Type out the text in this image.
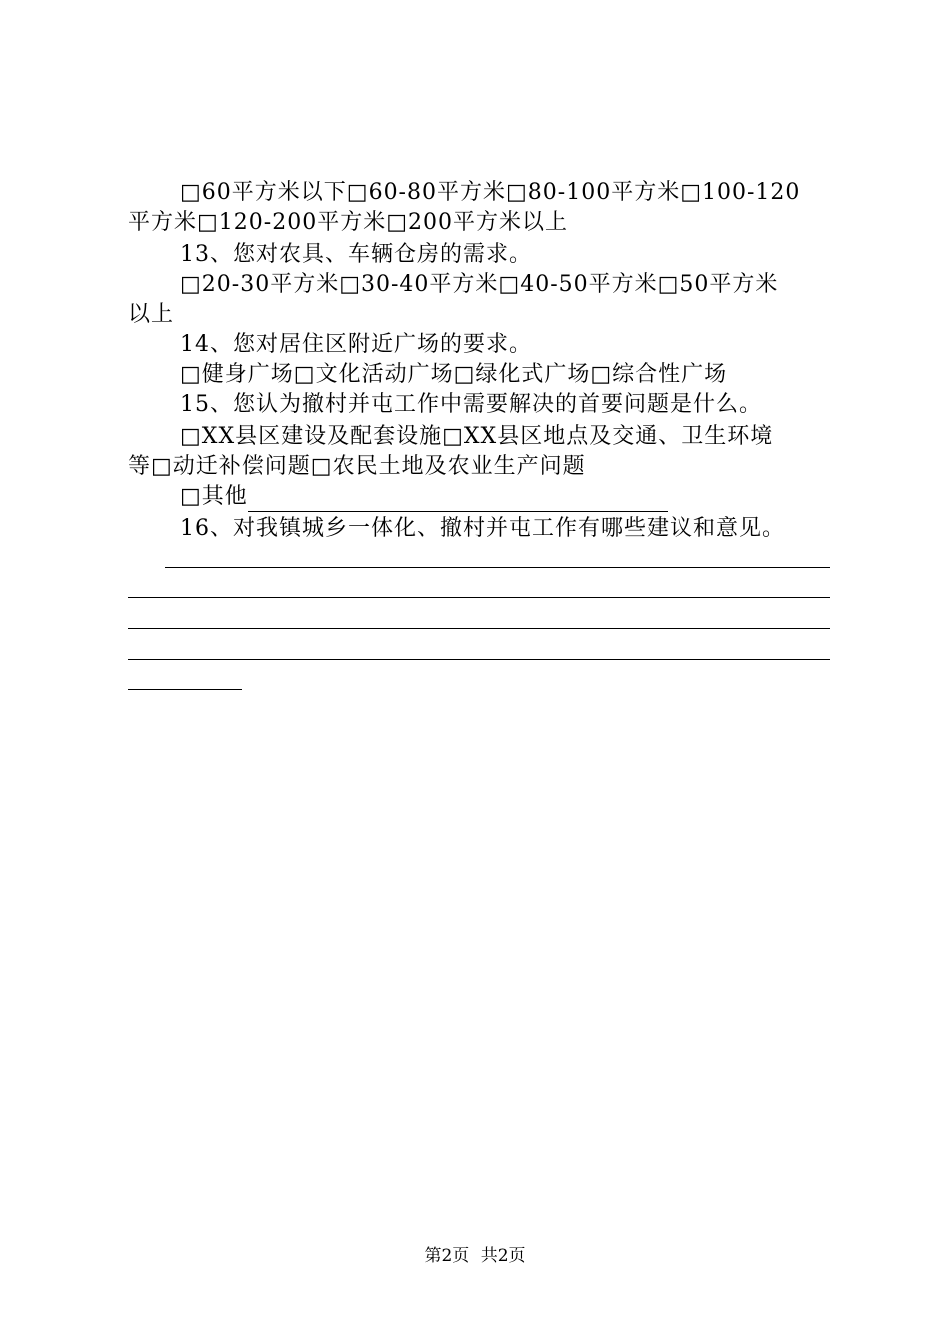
□60平方米以下□60-80平方米□80-100平方米□100-120
平方米□120-200平方米□200平方米以上
13、您对农具、车辆仓房的需求。
□20-30平方米□30-40平方米□40-50平方米□50平方米
以上
14、您对居住区附近广场的要求。
□健身广场□文化活动广场□绿化式广场□综合性广场
15、您认为撤村并屯工作中需要解决的首要问题是什么。
□XX县区建设及配套设施□XX县区地点及交通、卫生环境
等□动迁补偿问题□农民土地及农业生产问题
□其他
16、对我镇城乡一体化、撤村并屯工作有哪些建议和意见。
第2页 共2页
